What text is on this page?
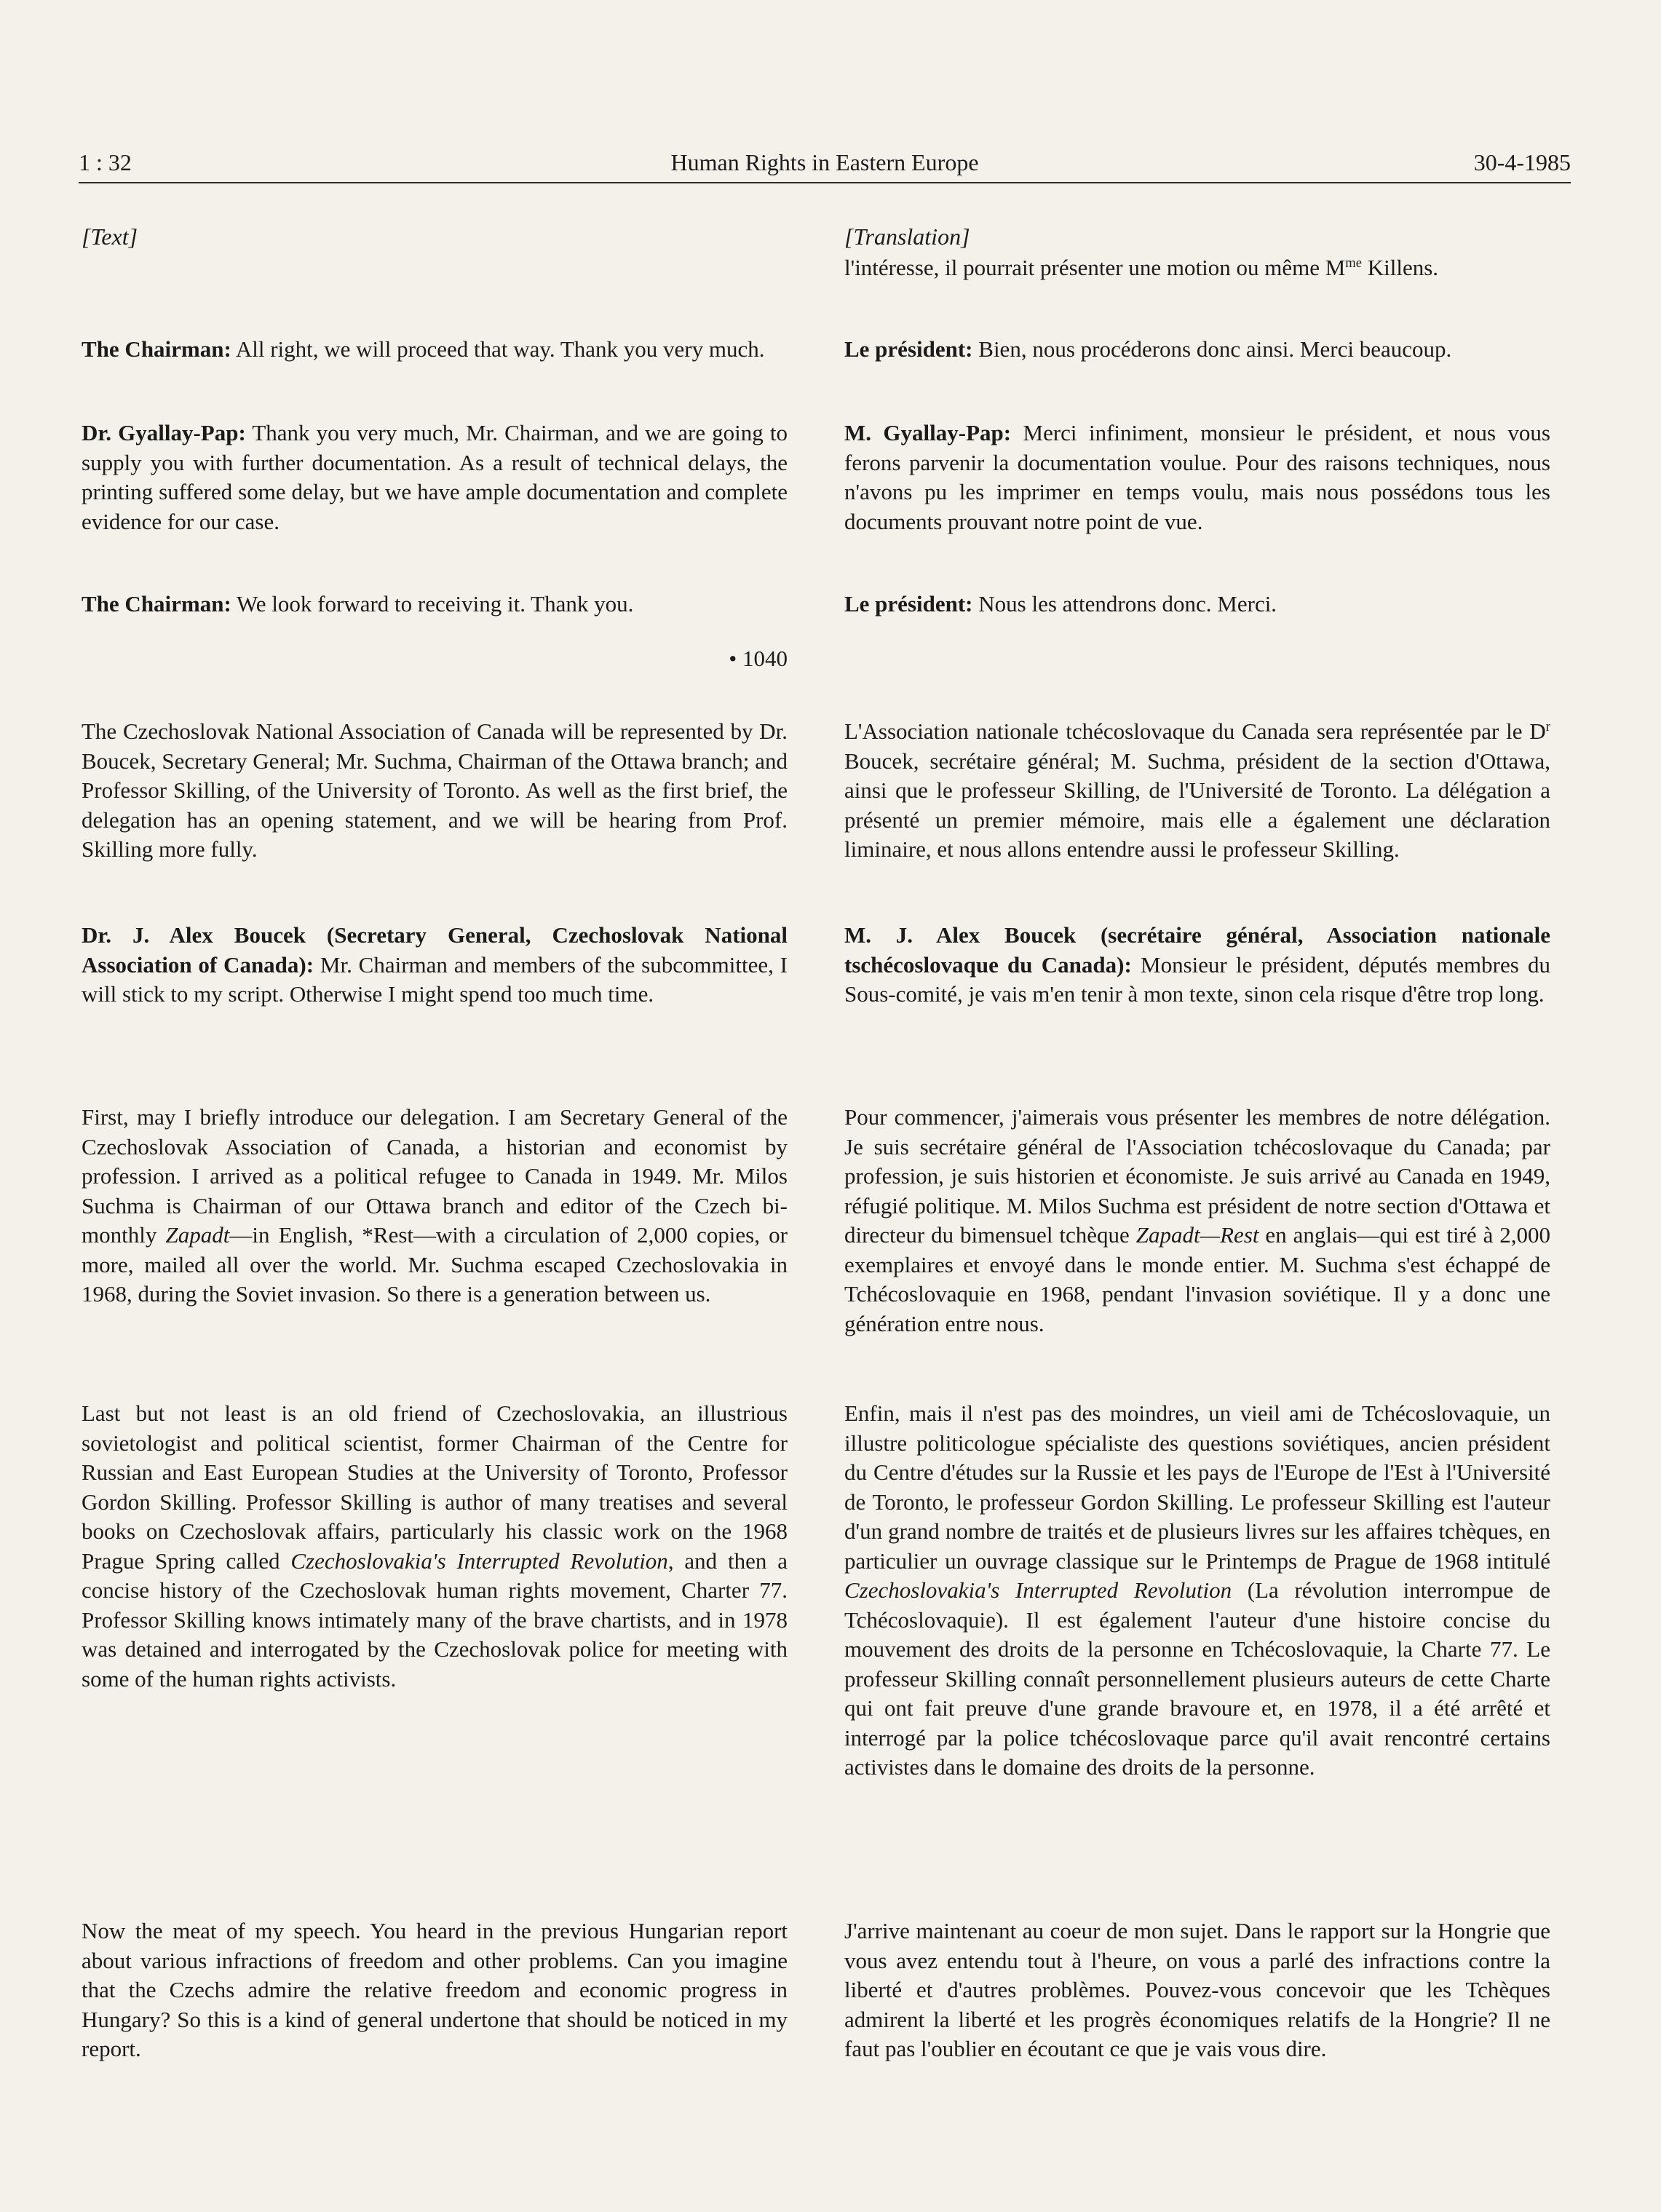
1 : 32	Human Rights in Eastern Europe	30-4-1985
[Text]

The Chairman: All right, we will proceed that way. Thank you very much.

Dr. Gyallay-Pap: Thank you very much, Mr. Chairman, and we are going to supply you with further documentation. As a result of technical delays, the printing suffered some delay, but we have ample documentation and complete evidence for our case.

The Chairman: We look forward to receiving it. Thank you.

• 1040

The Czechoslovak National Association of Canada will be represented by Dr. Boucek, Secretary General; Mr. Suchma, Chairman of the Ottawa branch; and Professor Skilling, of the University of Toronto. As well as the first brief, the delegation has an opening statement, and we will be hearing from Prof. Skilling more fully.

Dr. J. Alex Boucek (Secretary General, Czechoslovak National Association of Canada): Mr. Chairman and members of the subcommittee, I will stick to my script. Otherwise I might spend too much time.

First, may I briefly introduce our delegation. I am Secretary General of the Czechoslovak Association of Canada, a historian and economist by profession. I arrived as a political refugee to Canada in 1949. Mr. Milos Suchma is Chairman of our Ottawa branch and editor of the Czech bi-monthly Zapadt—in English, *Rest—with a circulation of 2,000 copies, or more, mailed all over the world. Mr. Suchma escaped Czechoslovakia in 1968, during the Soviet invasion. So there is a generation between us.

Last but not least is an old friend of Czechoslovakia, an illustrious sovietologist and political scientist, former Chairman of the Centre for Russian and East European Studies at the University of Toronto, Professor Gordon Skilling. Professor Skilling is author of many treatises and several books on Czechoslovak affairs, particularly his classic work on the 1968 Prague Spring called Czechoslovakia's Interrupted Revolution, and then a concise history of the Czechoslovak human rights movement, Charter 77. Professor Skilling knows intimately many of the brave chartists, and in 1978 was detained and interrogated by the Czechoslovak police for meeting with some of the human rights activists.

Now the meat of my speech. You heard in the previous Hungarian report about various infractions of freedom and other problems. Can you imagine that the Czechs admire the relative freedom and economic progress in Hungary? So this is a kind of general undertone that should be noticed in my report.

[Translation]

l'intéresse, il pourrait présenter une motion ou même $M^{me}$ Killens.

Le président: Bien, nous procéderons donc ainsi. Merci beaucoup.

M. Gyallay-Pap: Merci infiniment, monsieur le président, et nous vous ferons parvenir la documentation voulue. Pour des raisons techniques, nous n'avons pu les imprimer en temps voulu, mais nous possédons tous les documents prouvant notre point de vue.

Le président: Nous les attendrons donc. Merci.

L'Association nationale tchécoslovaque du Canada sera représentée par le $D^r$ Boucek, secrétaire général; M. Suchma, président de la section d'Ottawa, ainsi que le professeur Skilling, de l'Université de Toronto. La délégation a présenté un premier mémoire, mais elle a également une déclaration liminaire, et nous allons entendre aussi le professeur Skilling.

M. J. Alex Boucek (secrétaire général, Association nationale tschécoslovaque du Canada): Monsieur le président, députés membres du Sous-comité, je vais m'en tenir à mon texte, sinon cela risque d'être trop long.

Pour commencer, j'aimerais vous présenter les membres de notre délégation. Je suis secrétaire général de l'Association tchécoslovaque du Canada; par profession, je suis historien et économiste. Je suis arrivé au Canada en 1949, réfugié politique. M. Milos Suchma est président de notre section d'Ottawa et directeur du bimensuel tchèque Zapadt—Rest en anglais—qui est tiré à 2,000 exemplaires et envoyé dans le monde entier. M. Suchma s'est échappé de Tchécoslovaquie en 1968, pendant l'invasion soviétique. Il y a donc une génération entre nous.

Enfin, mais il n'est pas des moindres, un vieil ami de Tchécoslovaquie, un illustre politicologue spécialiste des questions soviétiques, ancien président du Centre d'études sur la Russie et les pays de l'Europe de l'Est à l'Université de Toronto, le professeur Gordon Skilling. Le professeur Skilling est l'auteur d'un grand nombre de traités et de plusieurs livres sur les affaires tchèques, en particulier un ouvrage classique sur le Printemps de Prague de 1968 intitulé Czechoslovakia's Interrupted Revolution (La révolution interrompue de Tchécoslovaquie). Il est également l'auteur d'une histoire concise du mouvement des droits de la personne en Tchécoslovaquie, la Charte 77. Le professeur Skilling connaît personnellement plusieurs auteurs de cette Charte qui ont fait preuve d'une grande bravoure et, en 1978, il a été arrêté et interrogé par la police tchécoslovaque parce qu'il avait rencontré certains activistes dans le domaine des droits de la personne.

J'arrive maintenant au coeur de mon sujet. Dans le rapport sur la Hongrie que vous avez entendu tout à l'heure, on vous a parlé des infractions contre la liberté et d'autres problèmes. Pouvez-vous concevoir que les Tchèques admirent la liberté et les progrès économiques relatifs de la Hongrie? Il ne faut pas l'oublier en écoutant ce que je vais vous dire.
